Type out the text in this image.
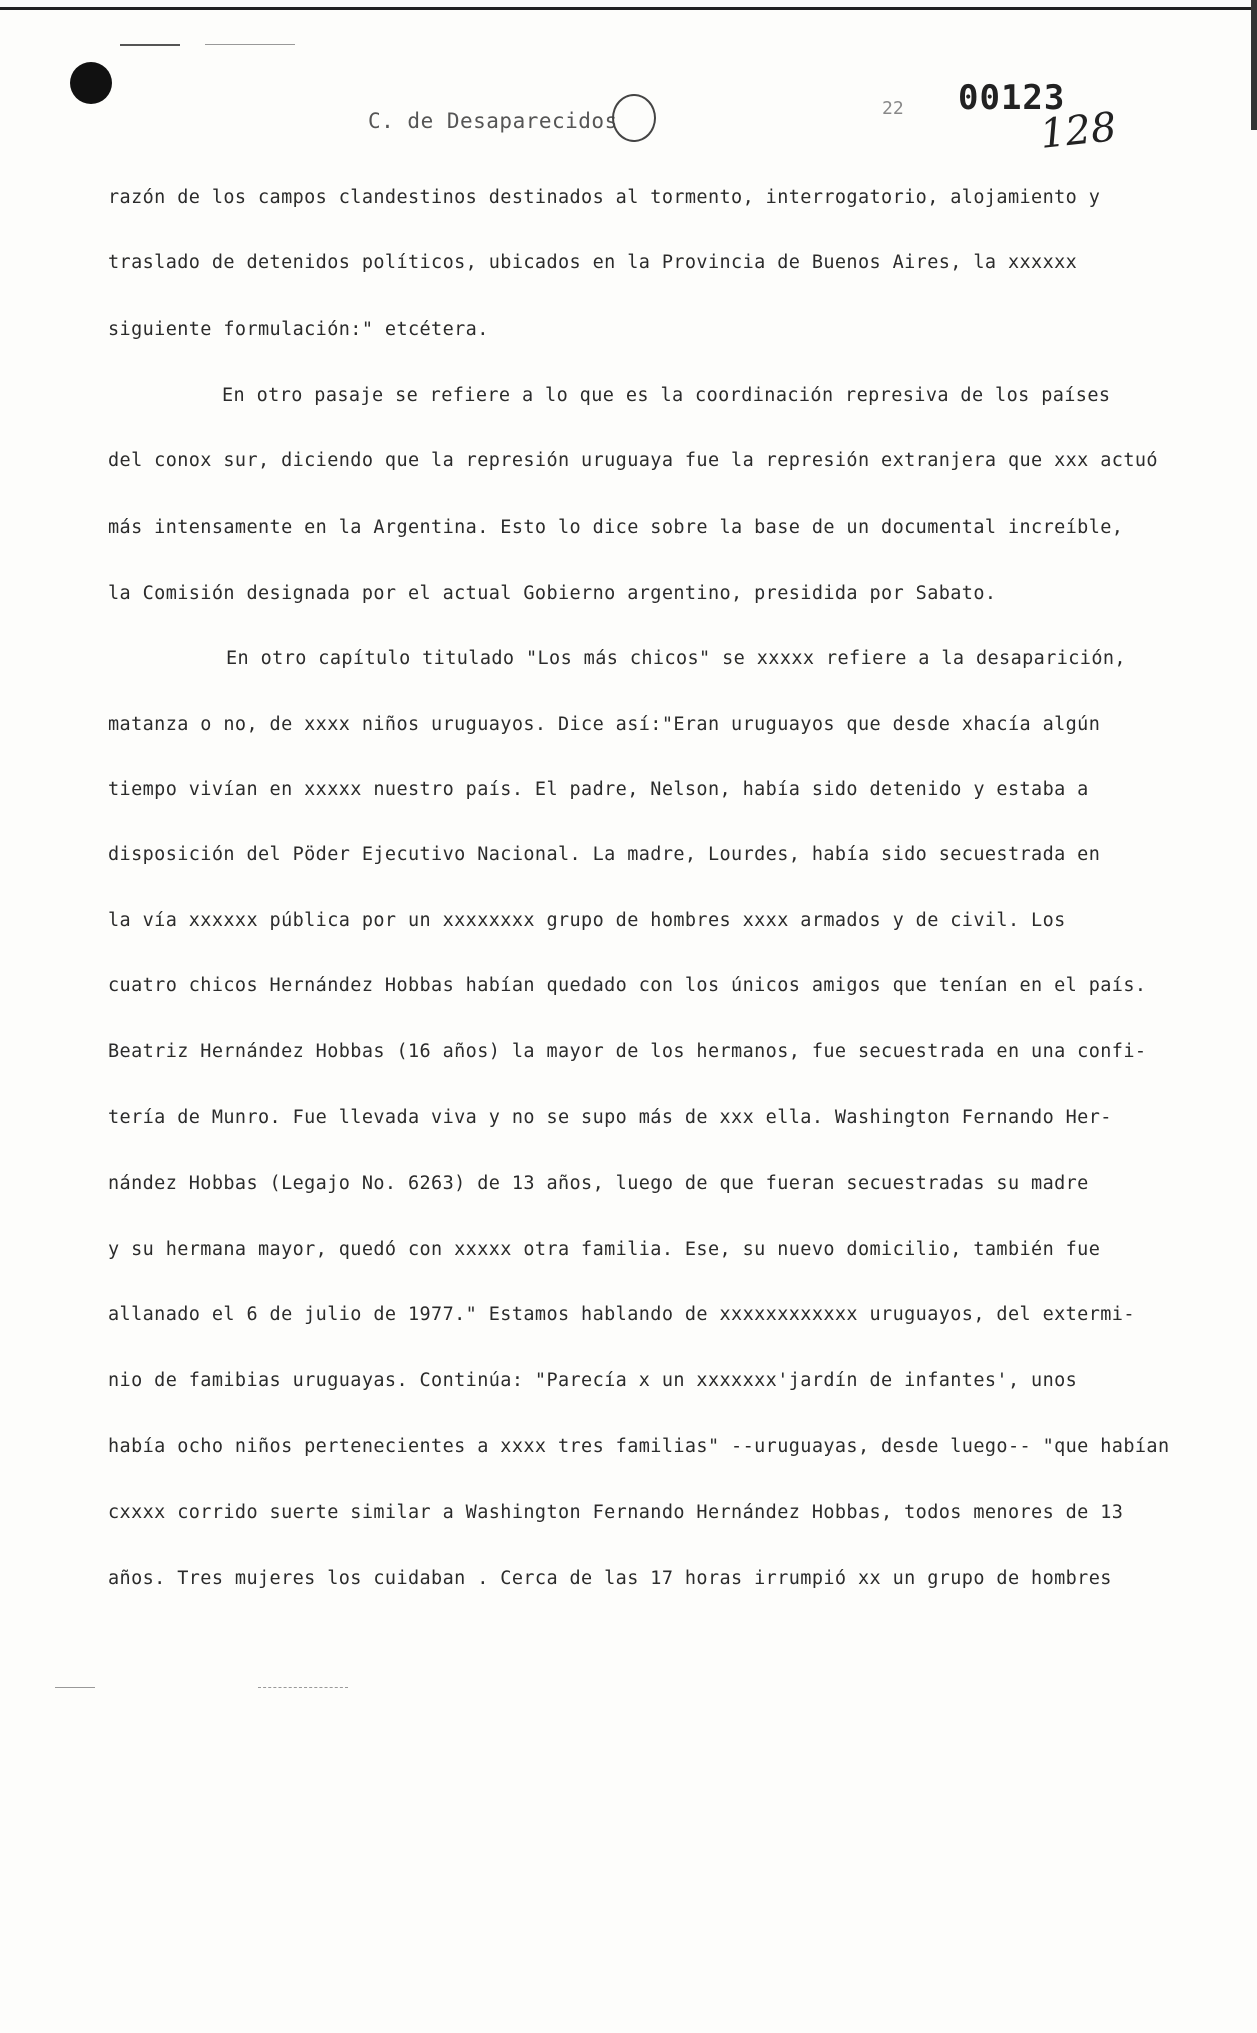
C. de Desaparecidos
22 00123
128
razón de los campos clandestinos destinados al tormento, interrogatorio, alojamiento y
traslado de detenidos políticos, ubicados en la Provincia de Buenos Aires, la xxxxxx
siguiente formulación:" etcétera.
En otro pasaje se refiere a lo que es la coordinación represiva de los países
del conox sur, diciendo que la represión uruguaya fue la represión extranjera que xxx actuó
más intensamente en la Argentina. Esto lo dice sobre la base de un documental increíble,
la Comisión designada por el actual Gobierno argentino, presidida por Sabato.
En otro capítulo titulado "Los más chicos" se xxxxx refiere a la desaparición,
matanza o no, de xxxx niños uruguayos. Dice así:"Eran uruguayos que desde xhacía algún
tiempo vivían en xxxxx nuestro país. El padre, Nelson, había sido detenido y estaba a
disposición del Pöder Ejecutivo Nacional. La madre, Lourdes, había sido secuestrada en
la vía xxxxxx pública por un xxxxxxxx grupo de hombres xxxx armados y de civil. Los
cuatro chicos Hernández Hobbas habían quedado con los únicos amigos que tenían en el país.
Beatriz Hernández Hobbas (16 años) la mayor de los hermanos, fue secuestrada en una confi-
tería de Munro. Fue llevada viva y no se supo más de xxx ella. Washington Fernando Her-
nández Hobbas (Legajo No. 6263) de 13 años, luego de que fueran secuestradas su madre
y su hermana mayor, quedó con xxxxx otra familia. Ese, su nuevo domicilio, también fue
allanado el 6 de julio de 1977." Estamos hablando de xxxxxxxxxxxx uruguayos, del extermi-
nio de famibias uruguayas. Continúa: "Parecía x un xxxxxxx'jardín de infantes', unos
había ocho niños pertenecientes a xxxx tres familias" --uruguayas, desde luego-- "que habían
cxxxx corrido suerte similar a Washington Fernando Hernández Hobbas, todos menores de 13
años. Tres mujeres los cuidaban . Cerca de las 17 horas irrumpió xx un grupo de hombres
